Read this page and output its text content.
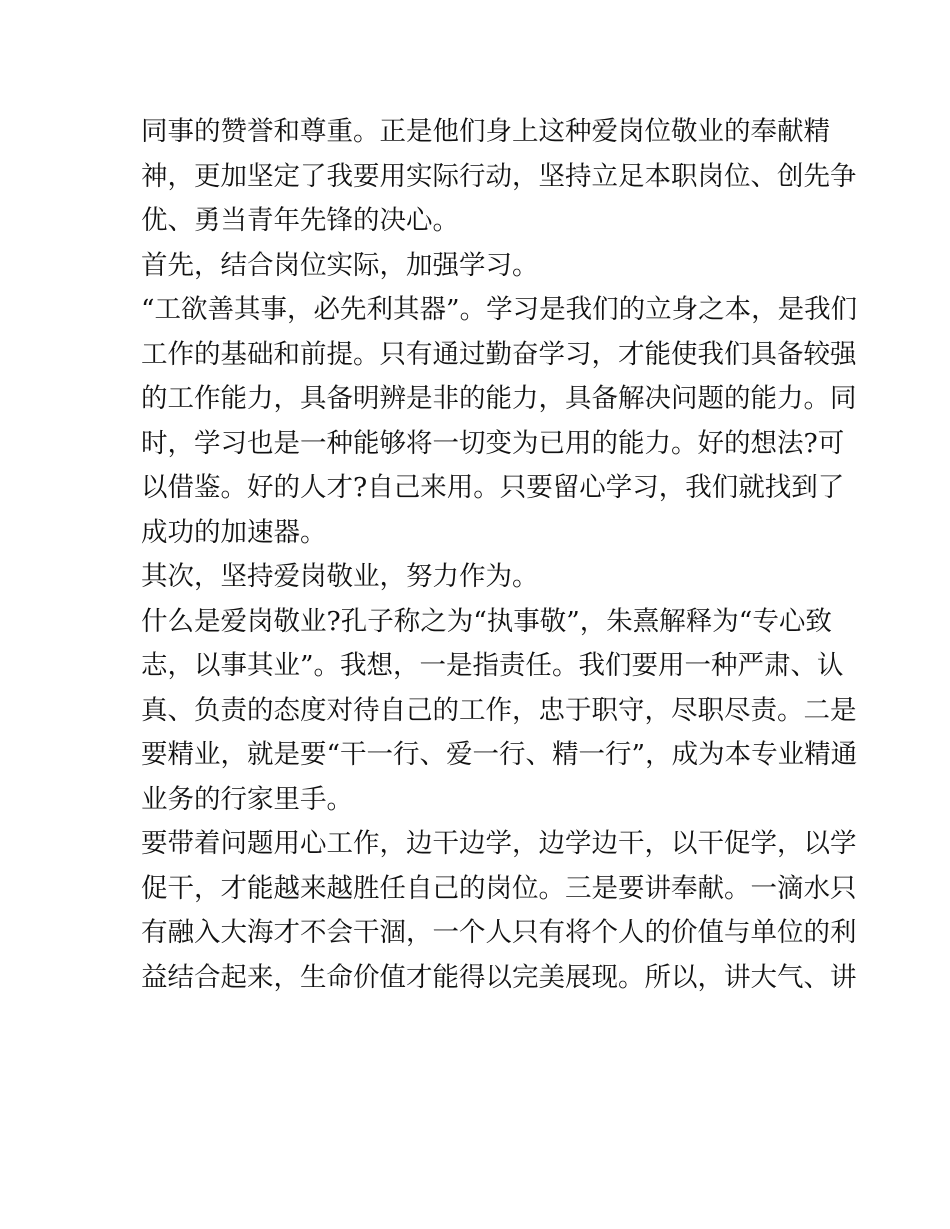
同事的赞誉和尊重。正是他们身上这种爱岗位敬业的奉献精
神，更加坚定了我要用实际行动，坚持立足本职岗位、创先争
优、勇当青年先锋的决心。
首先，结合岗位实际，加强学习。
“工欲善其事，必先利其器”。学习是我们的立身之本，是我们
工作的基础和前提。只有通过勤奋学习，才能使我们具备较强
的工作能力，具备明辨是非的能力，具备解决问题的能力。同
时，学习也是一种能够将一切变为已用的能力。好的想法?可
以借鉴。好的人才?自己来用。只要留心学习，我们就找到了
成功的加速器。
其次，坚持爱岗敬业，努力作为。
什么是爱岗敬业?孔子称之为“执事敬”，朱熹解释为“专心致
志，以事其业”。我想，一是指责任。我们要用一种严肃、认
真、负责的态度对待自己的工作，忠于职守，尽职尽责。二是
要精业，就是要“干一行、爱一行、精一行”，成为本专业精通
业务的行家里手。
要带着问题用心工作，边干边学，边学边干，以干促学，以学
促干，才能越来越胜任自己的岗位。三是要讲奉献。一滴水只
有融入大海才不会干涸，一个人只有将个人的价值与单位的利
益结合起来，生命价值才能得以完美展现。所以，讲大气、讲
